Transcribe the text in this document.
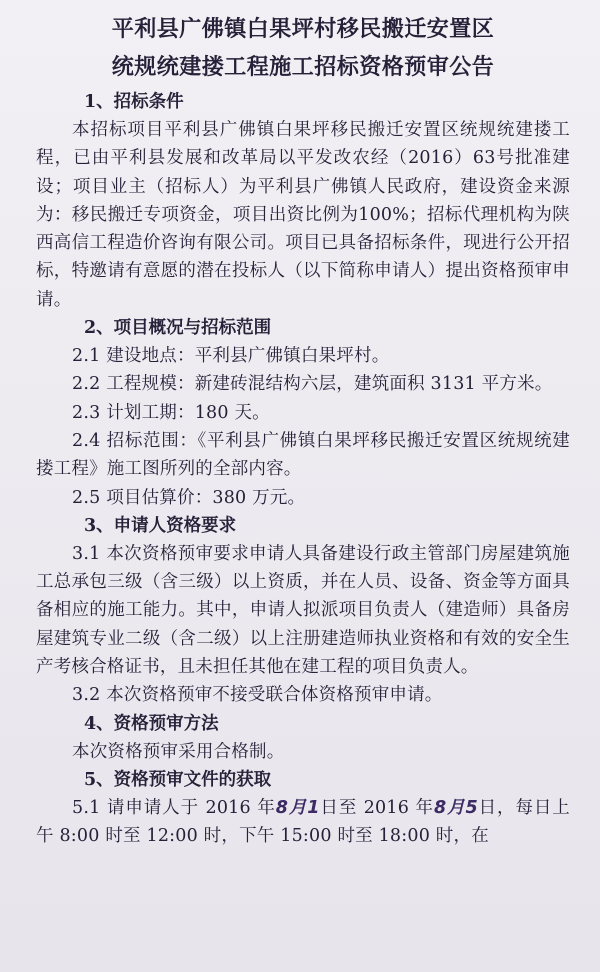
平利县广佛镇白果坪村移民搬迁安置区

统规统建搂工程施工招标资格预审公告

1、招标条件

本招标项目平利县广佛镇白果坪移民搬迁安置区统规统建搂工程，已由平利县发展和改革局以平发改农经（2016）63号批准建设；项目业主（招标人）为平利县广佛镇人民政府，建设资金来源为：移民搬迁专项资金，项目出资比例为100%；招标代理机构为陕西高信工程造价咨询有限公司。项目已具备招标条件，现进行公开招标，特邀请有意愿的潜在投标人（以下简称申请人）提出资格预审申请。

2、项目概况与招标范围

2.1 建设地点：平利县广佛镇白果坪村。

2.2 工程规模：新建砖混结构六层，建筑面积 3131 平方米。

2.3 计划工期：180 天。

2.4 招标范围：《平利县广佛镇白果坪移民搬迁安置区统规统建搂工程》施工图所列的全部内容。

2.5 项目估算价：380 万元。

3、申请人资格要求

3.1 本次资格预审要求申请人具备建设行政主管部门房屋建筑施工总承包三级（含三级）以上资质，并在人员、设备、资金等方面具备相应的施工能力。其中，申请人拟派项目负责人（建造师）具备房屋建筑专业二级（含二级）以上注册建造师执业资格和有效的安全生产考核合格证书，且未担任其他在建工程的项目负责人。

3.2 本次资格预审不接受联合体资格预审申请。

4、资格预审方法

本次资格预审采用合格制。

5、资格预审文件的获取

5.1 请申请人于 2016 年8月1日至 2016 年8月5日，每日上午 8:00 时至 12:00 时，下午 15:00 时至 18:00 时，在
